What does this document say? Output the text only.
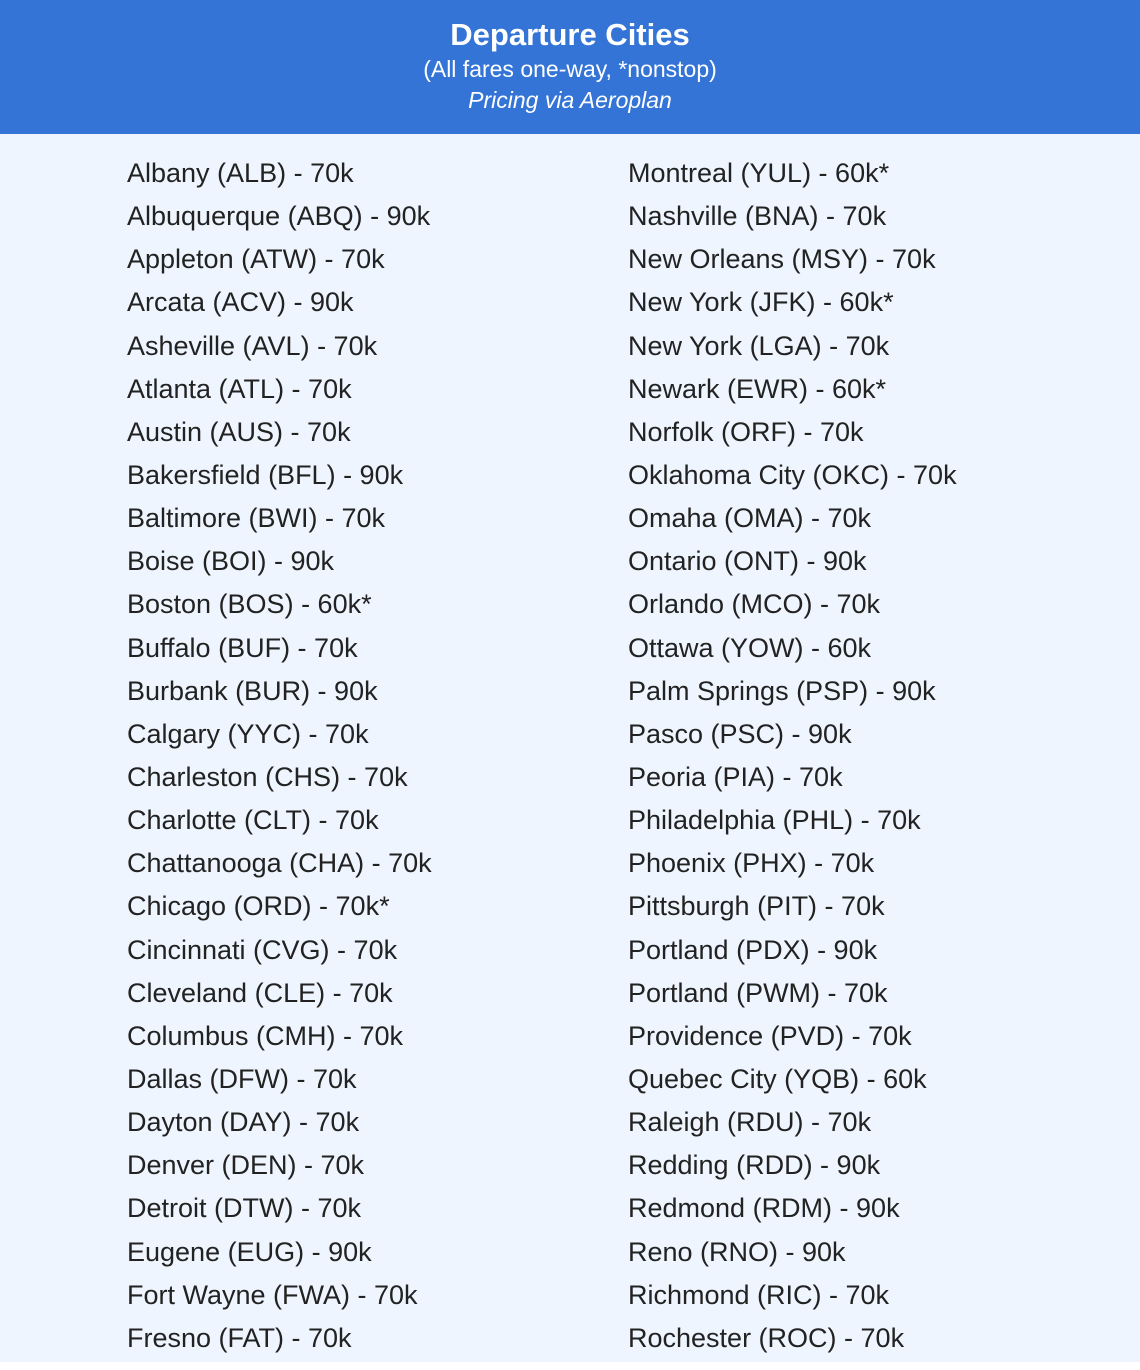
Departure Cities
(All fares one-way, *nonstop)
Pricing via Aeroplan
Albany (ALB) - 70k
Albuquerque (ABQ) - 90k
Appleton (ATW) - 70k
Arcata (ACV) - 90k
Asheville (AVL) - 70k
Atlanta (ATL) - 70k
Austin (AUS) - 70k
Bakersfield (BFL) - 90k
Baltimore (BWI) - 70k
Boise (BOI) - 90k
Boston (BOS) - 60k*
Buffalo (BUF) - 70k
Burbank (BUR) - 90k
Calgary (YYC) - 70k
Charleston (CHS) - 70k
Charlotte (CLT) - 70k
Chattanooga (CHA) - 70k
Chicago (ORD) - 70k*
Cincinnati (CVG) - 70k
Cleveland (CLE) - 70k
Columbus (CMH) - 70k
Dallas (DFW) - 70k
Dayton (DAY) - 70k
Denver (DEN) - 70k
Detroit (DTW) - 70k
Eugene (EUG) - 90k
Fort Wayne (FWA) - 70k
Fresno (FAT) - 70k
Montreal (YUL) - 60k*
Nashville (BNA) - 70k
New Orleans (MSY) - 70k
New York (JFK) - 60k*
New York (LGA) - 70k
Newark (EWR) - 60k*
Norfolk (ORF) - 70k
Oklahoma City (OKC) - 70k
Omaha (OMA) - 70k
Ontario (ONT) - 90k
Orlando (MCO) - 70k
Ottawa (YOW) - 60k
Palm Springs (PSP) - 90k
Pasco (PSC) - 90k
Peoria (PIA) - 70k
Philadelphia (PHL) - 70k
Phoenix (PHX) - 70k
Pittsburgh (PIT) - 70k
Portland (PDX) - 90k
Portland (PWM) - 70k
Providence (PVD) - 70k
Quebec City (YQB) - 60k
Raleigh (RDU) - 70k
Redding (RDD) - 90k
Redmond (RDM) - 90k
Reno (RNO) - 90k
Richmond (RIC) - 70k
Rochester (ROC) - 70k
